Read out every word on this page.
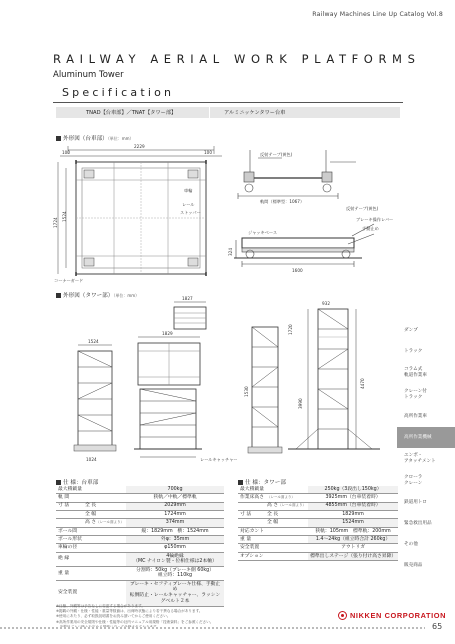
Railway Machines Line Up Catalog Vol.8
RAILWAY AERIAL WORK PLATFORMS
Aluminum Tower
Specification
TNAD【台車部】／TNAT【タワー部】	アルミニッケンタワー台車
外形図（台車部）（単位：mm）
2229
100	100
1724
1524
車輪
レール
ストッパー
コーナーガード
反射テープ(黄色)
反射テープ(黄色)
軌間（標準型：1067）
ジャッキベース
ブレーキ操作レバー
手動止め
324
1600
外形図（タワー部）（単位：mm）
1827
1524
1829
932
1530
1720
3990
4470
1024	レールキャッチャー
ダンプ
トラック
コラム式
軌道作業車
クレーン付
トラック
高所作業車
高所作業機械
ユンボ・
アタッチメント
クローラ
クレーン
鉄道用トロ
緊急救出用品
その他
販売商品
仕 様：台車部
最大積載量		700kg
軌 間		狭軌／中軌／標準軌
寸 法	全 長	2029mm
	全 幅	1724mm
	高 さ（レール面より）	374mm
ボール間		縦：1829mm　横：1524mm
ボール形状		外φ：35mm
車輪の径		φ150mm
絶 縁		4輪絶縁
（MC ナイロン製・位相仕様は2本軸）
重 量		分割時：50kg（ブレーキ側 60kg）
組立時：110kg
安全装置		ブレーキ・セフティブレーキ仕様、手動止め
転倒防止・レールキャッチャー、ラッシングベルト２本
仕 様：タワー部
最大積載量		250kg（3段出し150kg）
作業床高さ	（レール面より）	3925mm（台車装着時）
	高 さ（レール面より）	4855mm（台車装着時）
寸 法	全 長	1829mm
	全 幅	1524mm
対応カント		狭軌：105mm　標準軌：200mm
重 量		1.4～24kg（組立時合計 260kg）
安全装置		アウトリガ
オプション		標準出しステージ（張り付け高さ昇降）
※仕様、外観等は予告なしに変更する場合があります。
※掲載の外観・仕様・性能・重量等数値は、出荷時状態により若干異なる場合があります。
※使用にあたり、必ず取扱説明書をお読み頂いてからご使用ください。
※高所作業用の安全規則や仕様・性能等の社内マニュアル用規格「技術資料」をご参照ください。
NIKKEN CORPORATION
65
